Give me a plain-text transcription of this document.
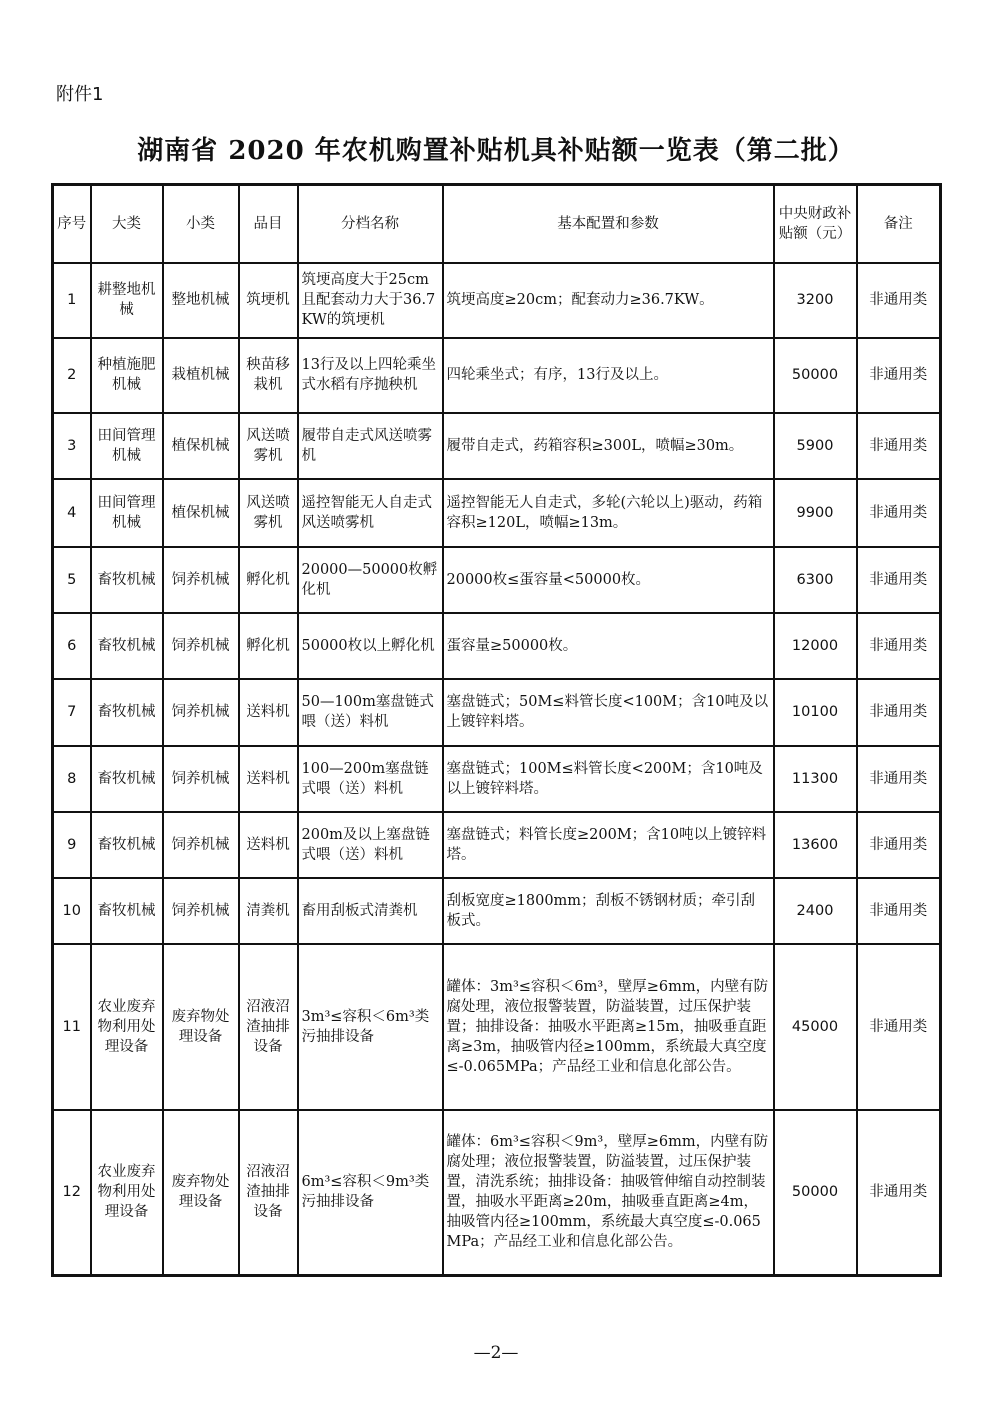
附件1
湖南省 2020 年农机购置补贴机具补贴额一览表（第二批）
序号	大类	小类	品目	分档名称	基本配置和参数	中央财政补贴额（元）	备注
1	耕整地机械	整地机械	筑埂机	筑埂高度大于25cm且配套动力大于36.7KW的筑埂机	筑埂高度≥20cm；配套动力≥36.7KW。	3200	非通用类
2	种植施肥机械	栽植机械	秧苗移栽机	13行及以上四轮乘坐式水稻有序抛秧机	四轮乘坐式；有序，13行及以上。	50000	非通用类
3	田间管理机械	植保机械	风送喷雾机	履带自走式风送喷雾机	履带自走式，药箱容积≥300L，喷幅≥30m。	5900	非通用类
4	田间管理机械	植保机械	风送喷雾机	遥控智能无人自走式风送喷雾机	遥控智能无人自走式，多轮(六轮以上)驱动，药箱容积≥120L，喷幅≥13m。	9900	非通用类
5	畜牧机械	饲养机械	孵化机	20000—50000枚孵化机	20000枚≤蛋容量<50000枚。	6300	非通用类
6	畜牧机械	饲养机械	孵化机	50000枚以上孵化机	蛋容量≥50000枚。	12000	非通用类
7	畜牧机械	饲养机械	送料机	50—100m塞盘链式喂（送）料机	塞盘链式；50M≤料管长度<100M；含10吨及以上镀锌料塔。	10100	非通用类
8	畜牧机械	饲养机械	送料机	100—200m塞盘链式喂（送）料机	塞盘链式；100M≤料管长度<200M；含10吨及以上镀锌料塔。	11300	非通用类
9	畜牧机械	饲养机械	送料机	200m及以上塞盘链式喂（送）料机	塞盘链式；料管长度≥200M；含10吨以上镀锌料塔。	13600	非通用类
10	畜牧机械	饲养机械	清粪机	畜用刮板式清粪机	刮板宽度≥1800mm；刮板不锈钢材质；牵引刮板式。	2400	非通用类
11	农业废弃物利用处理设备	废弃物处理设备	沼液沼渣抽排设备	3m³≤容积＜6m³类污抽排设备	罐体：3m³≤容积＜6m³，壁厚≥6mm，内壁有防腐处理，液位报警装置，防溢装置，过压保护装置；抽排设备：抽吸水平距离≥15m，抽吸垂直距离≥3m，抽吸管内径≥100mm，系统最大真空度≤-0.065MPa；产品经工业和信息化部公告。	45000	非通用类
12	农业废弃物利用处理设备	废弃物处理设备	沼液沼渣抽排设备	6m³≤容积＜9m³类污抽排设备	罐体：6m³≤容积＜9m³，壁厚≥6mm，内壁有防腐处理；液位报警装置，防溢装置，过压保护装置，清洗系统；抽排设备：抽吸管伸缩自动控制装置，抽吸水平距离≥20m，抽吸垂直距离≥4m，抽吸管内径≥100mm，系统最大真空度≤-0.065MPa；产品经工业和信息化部公告。	50000	非通用类
—2—
